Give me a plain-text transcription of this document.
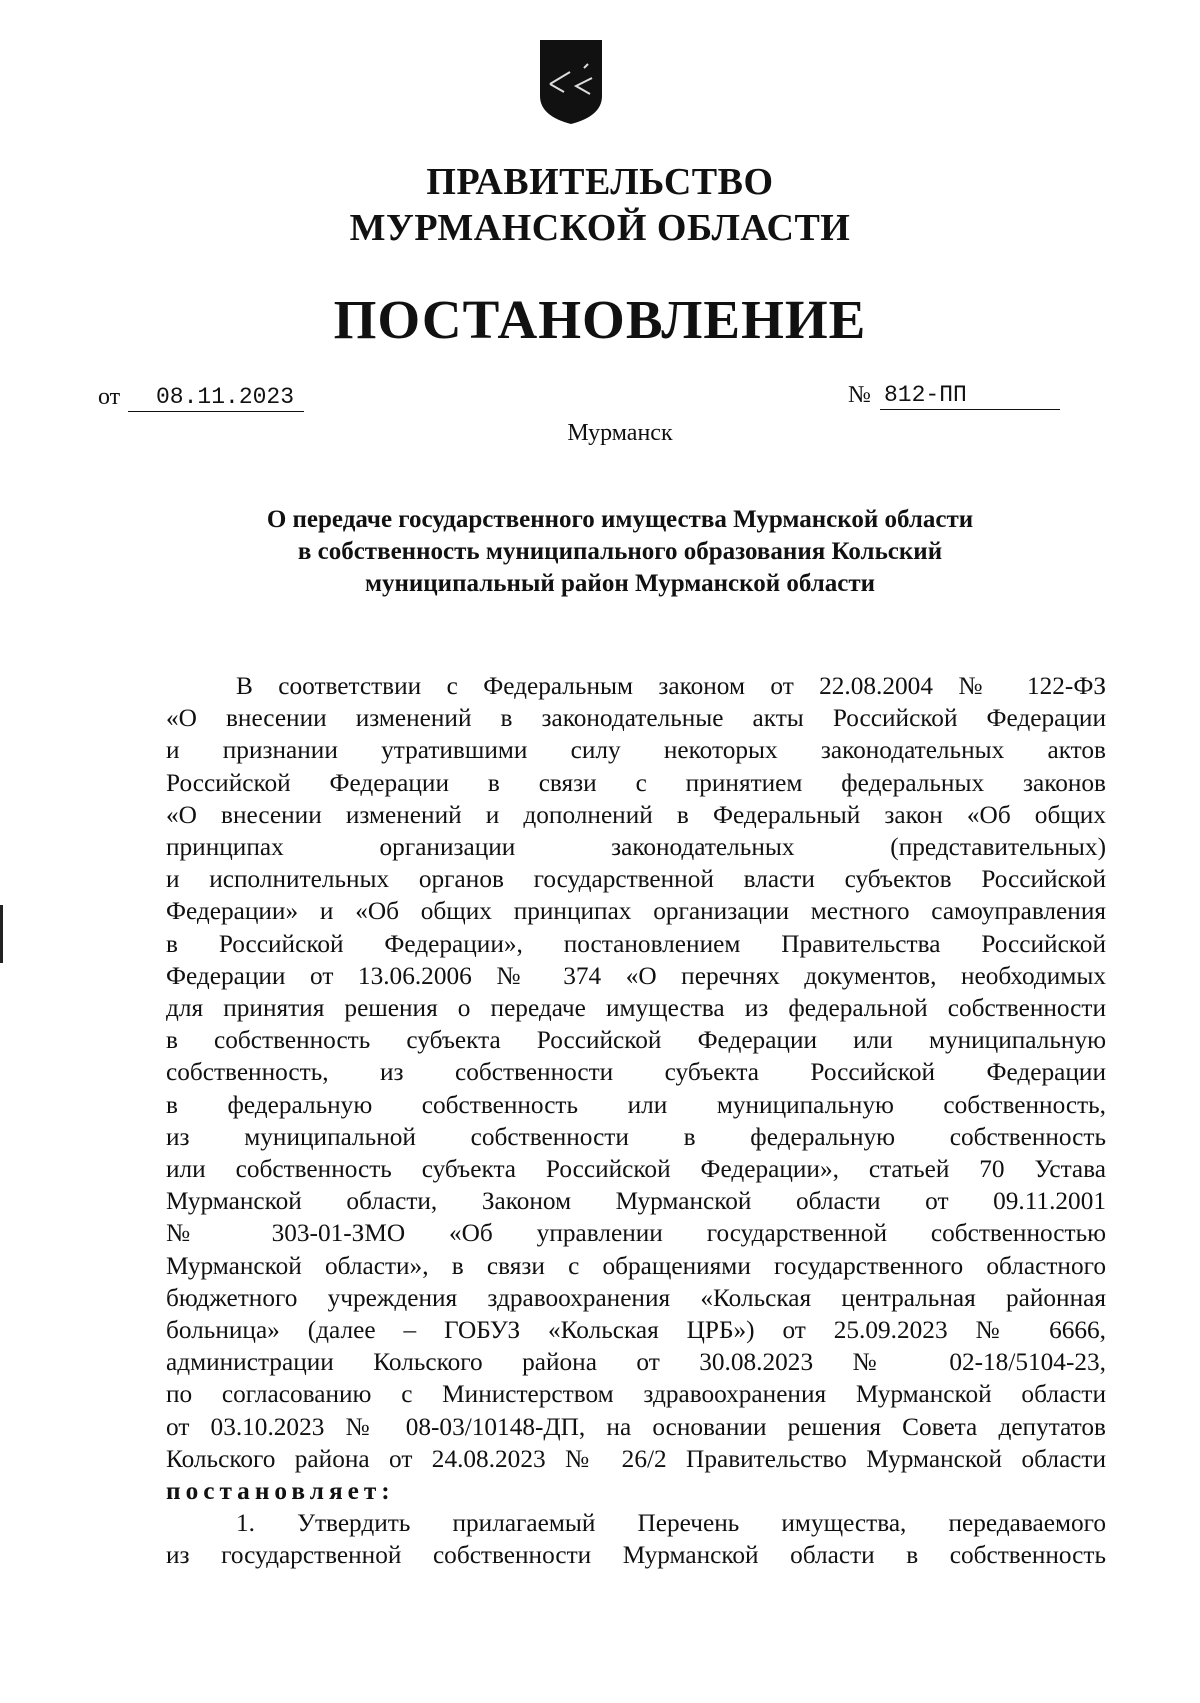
ПРАВИТЕЛЬСТВО
МУРМАНСКОЙ ОБЛАСТИ
ПОСТАНОВЛЕНИЕ
от	08.11.2023	№ 812-ПП
Мурманск
О передаче государственного имущества Мурманской области
в собственность муниципального образования Кольский
муниципальный район Мурманской области
В соответствии с Федеральным законом от 22.08.2004 № 122-ФЗ
«О внесении изменений в законодательные акты Российской Федерации
и признании утратившими силу некоторых законодательных актов
Российской Федерации в связи с принятием федеральных законов
«О внесении изменений и дополнений в Федеральный закон «Об общих
принципах организации законодательных (представительных)
и исполнительных органов государственной власти субъектов Российской
Федерации» и «Об общих принципах организации местного самоуправления
в Российской Федерации», постановлением Правительства Российской
Федерации от 13.06.2006 № 374 «О перечнях документов, необходимых
для принятия решения о передаче имущества из федеральной собственности
в собственность субъекта Российской Федерации или муниципальную
собственность, из собственности субъекта Российской Федерации
в федеральную собственность или муниципальную собственность,
из муниципальной собственности в федеральную собственность
или собственность субъекта Российской Федерации», статьей 70 Устава
Мурманской области, Законом Мурманской области от 09.11.2001
№ 303-01-ЗМО «Об управлении государственной собственностью
Мурманской области», в связи с обращениями государственного областного
бюджетного учреждения здравоохранения «Кольская центральная районная
больница» (далее – ГОБУЗ «Кольская ЦРБ») от 25.09.2023 № 6666,
администрации Кольского района от 30.08.2023 № 02-18/5104-23,
по согласованию с Министерством здравоохранения Мурманской области
от 03.10.2023 № 08-03/10148-ДП, на основании решения Совета депутатов
Кольского района от 24.08.2023 № 26/2 Правительство Мурманской области
постановляет:
1. Утвердить прилагаемый Перечень имущества, передаваемого
из государственной собственности Мурманской области в собственность
